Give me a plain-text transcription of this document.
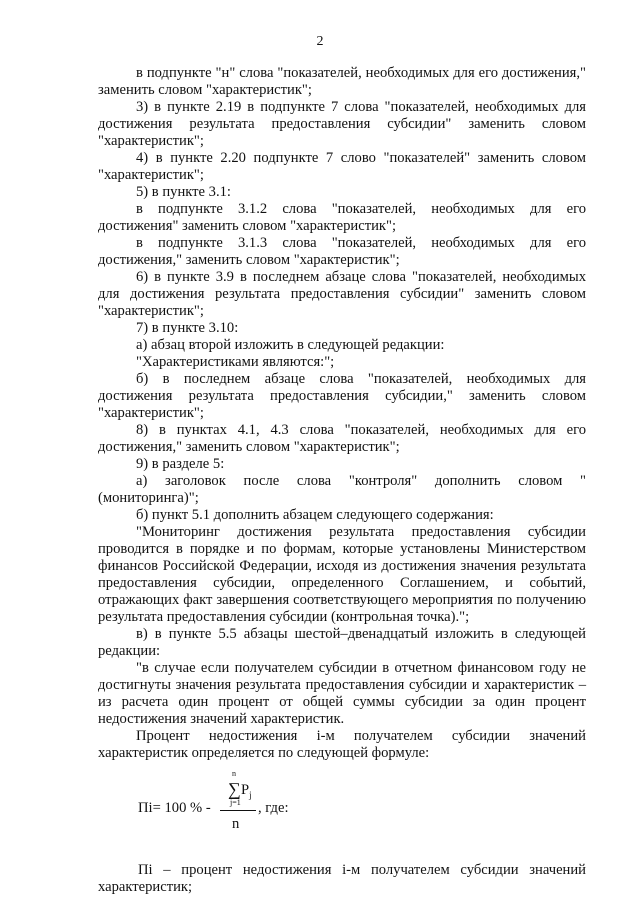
2

в подпункте "н" слова "показателей, необходимых для его достижения," заменить словом "характеристик";

3) в пункте 2.19 в подпункте 7 слова "показателей, необходимых для достижения результата предоставления субсидии" заменить словом "характеристик";

4) в пункте 2.20 подпункте 7 слово "показателей" заменить словом "характеристик";

5) в пункте 3.1:

в подпункте 3.1.2 слова "показателей, необходимых для его достижения" заменить словом "характеристик";

в подпункте 3.1.3 слова "показателей, необходимых для его достижения," заменить словом "характеристик";

6) в пункте 3.9 в последнем абзаце слова "показателей, необходимых для достижения результата предоставления субсидии" заменить словом "характеристик";

7) в пункте 3.10:

а) абзац второй изложить в следующей редакции:

"Характеристиками являются:";

б) в последнем абзаце слова "показателей, необходимых для достижения результата предоставления субсидии," заменить словом "характеристик";

8) в пунктах 4.1, 4.3 слова "показателей, необходимых для его достижения," заменить словом "характеристик";

9) в разделе 5:

а) заголовок после слова "контроля" дополнить словом "(мониторинга)";

б) пункт 5.1 дополнить абзацем следующего содержания:

"Мониторинг достижения результата предоставления субсидии проводится в порядке и по формам, которые установлены Министерством финансов Российской Федерации, исходя из достижения значения результата предоставления субсидии, определенного Соглашением, и событий, отражающих факт завершения соответствующего мероприятия по получению результата предоставления субсидии (контрольная точка).";

в) в пункте 5.5 абзацы шестой–двенадцатый изложить в следующей редакции:

"в случае если получателем субсидии в отчетном финансовом году не достигнуты значения результата предоставления субсидии и характеристик – из расчета один процент от общей суммы субсидии за один процент недостижения значений характеристик.

Процент недостижения i-м получателем субсидии значений характеристик определяется по следующей формуле:

Пi= 100 % -
n
∑
j=1
$P_j$
n
, где:

Пi – процент недостижения i-м получателем субсидии значений характеристик;
